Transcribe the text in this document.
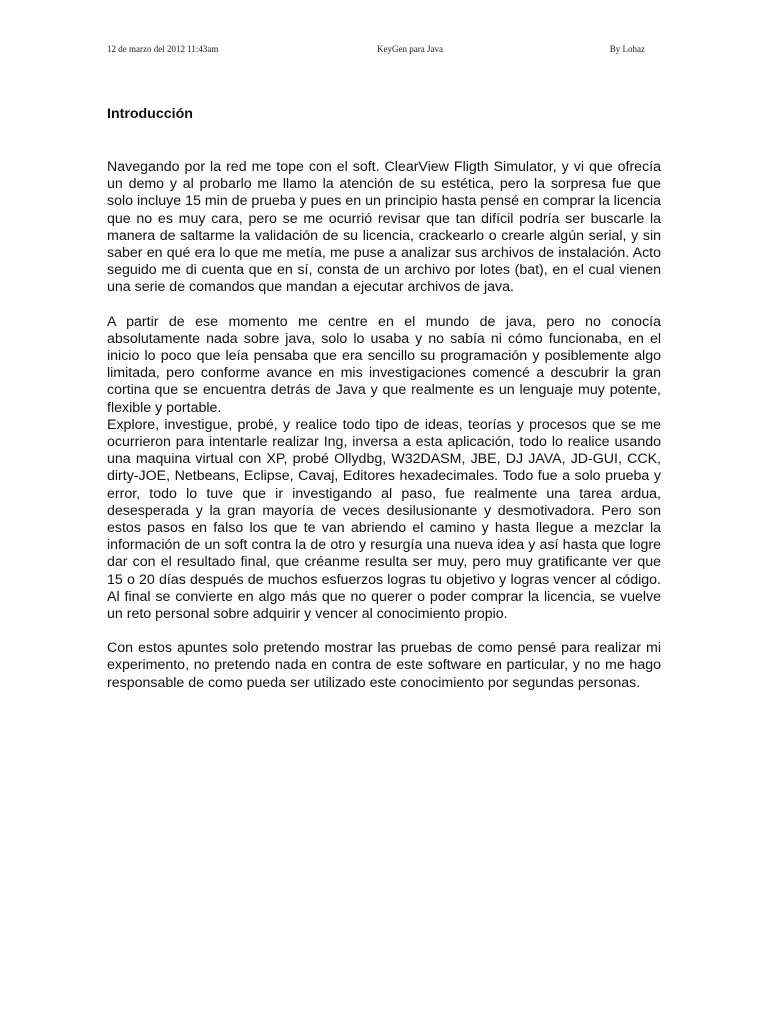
12 de marzo del 2012 11:43am	KeyGen para Java	By Lohaz
Introducción

Navegando por la red me tope con el soft. ClearView Fligth Simulator, y vi que ofrecía un demo y al probarlo me llamo la atención de su estética, pero la sorpresa fue que solo incluye 15 min de prueba y pues en un principio hasta pensé en comprar la licencia que no es muy cara, pero se me ocurrió revisar que tan difícil podría ser buscarle la manera de saltarme la validación de su licencia, crackearlo o crearle algún serial, y sin saber en qué era lo que me metía, me puse a analizar sus archivos de instalación. Acto seguido me di cuenta que en sí, consta de un archivo por lotes (bat), en el cual vienen una serie de comandos que mandan a ejecutar archivos de java.

A partir de ese momento me centre en el mundo de java, pero no conocía absolutamente nada sobre java, solo lo usaba y no sabía ni cómo funcionaba, en el inicio lo poco que leía pensaba que era sencillo su programación y posiblemente algo limitada, pero conforme avance en mis investigaciones comencé a descubrir la gran cortina que se encuentra detrás de Java y que realmente es un lenguaje muy potente, flexible y portable.

Explore, investigue, probé, y realice todo tipo de ideas, teorías y procesos que se me ocurrieron para intentarle realizar Ing, inversa a esta aplicación, todo lo realice usando una maquina virtual con XP, probé Ollydbg, W32DASM, JBE, DJ JAVA, JD-GUI, CCK, dirty-JOE, Netbeans, Eclipse, Cavaj, Editores hexadecimales. Todo fue a solo prueba y error, todo lo tuve que ir investigando al paso, fue realmente una tarea ardua, desesperada y la gran mayoría de veces desilusionante y desmotivadora. Pero son estos pasos en falso los que te van abriendo el camino y hasta llegue a mezclar la información de un soft contra la de otro y resurgía una nueva idea y así hasta que logre dar con el resultado final, que créanme resulta ser muy, pero muy gratificante ver que 15 o 20 días después de muchos esfuerzos logras tu objetivo y logras vencer al código. Al final se convierte en algo más que no querer o poder comprar la licencia, se vuelve un reto personal sobre adquirir y vencer al conocimiento propio.

Con estos apuntes solo pretendo mostrar las pruebas de como pensé para realizar mi experimento, no pretendo nada en contra de este software en particular, y no me hago responsable de como pueda ser utilizado este conocimiento por segundas personas.
